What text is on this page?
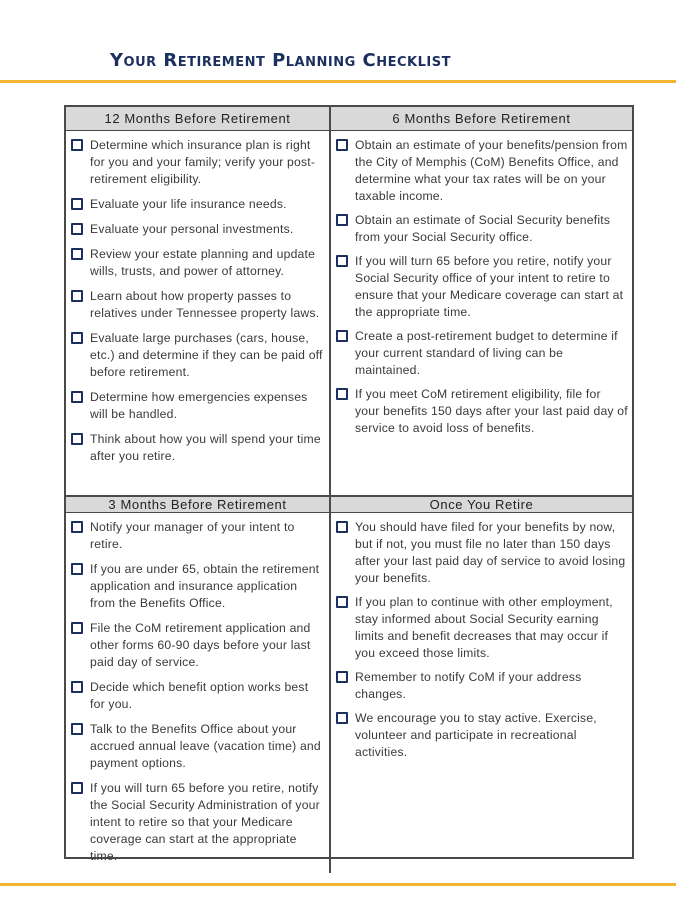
Your Retirement Planning Checklist
12 Months Before Retirement	6 Months Before Retirement
Determine which insurance plan is right for you and your family; verify your post-retirement eligibility.
Evaluate your life insurance needs.
Evaluate your personal investments.
Review your estate planning and update wills, trusts, and power of attorney.
Learn about how property passes to relatives under Tennessee property laws.
Evaluate large purchases (cars, house, etc.) and determine if they can be paid off before retirement.
Determine how emergencies expenses will be handled.
Think about how you will spend your time after you retire.
Obtain an estimate of your benefits/pension from the City of Memphis (CoM) Benefits Office, and determine what your tax rates will be on your taxable income.
Obtain an estimate of Social Security benefits from your Social Security office.
If you will turn 65 before you retire, notify your Social Security office of your intent to retire to ensure that your Medicare coverage can start at the appropriate time.
Create a post-retirement budget to determine if your current standard of living can be maintained.
If you meet CoM retirement eligibility, file for your benefits 150 days after your last paid day of service to avoid loss of benefits.
3 Months Before Retirement	Once You Retire
Notify your manager of your intent to retire.
If you are under 65, obtain the retirement application and insurance application from the Benefits Office.
File the CoM retirement application and other forms 60-90 days before your last paid day of service.
Decide which benefit option works best for you.
Talk to the Benefits Office about your accrued annual leave (vacation time) and payment options.
If you will turn 65 before you retire, notify the Social Security Administration of your intent to retire so that your Medicare coverage can start at the appropriate time.
You should have filed for your benefits by now, but if not, you must file no later than 150 days after your last paid day of service to avoid losing your benefits.
If you plan to continue with other employment, stay informed about Social Security earning limits and benefit decreases that may occur if you exceed those limits.
Remember to notify CoM if your address changes.
We encourage you to stay active. Exercise, volunteer and participate in recreational activities.
